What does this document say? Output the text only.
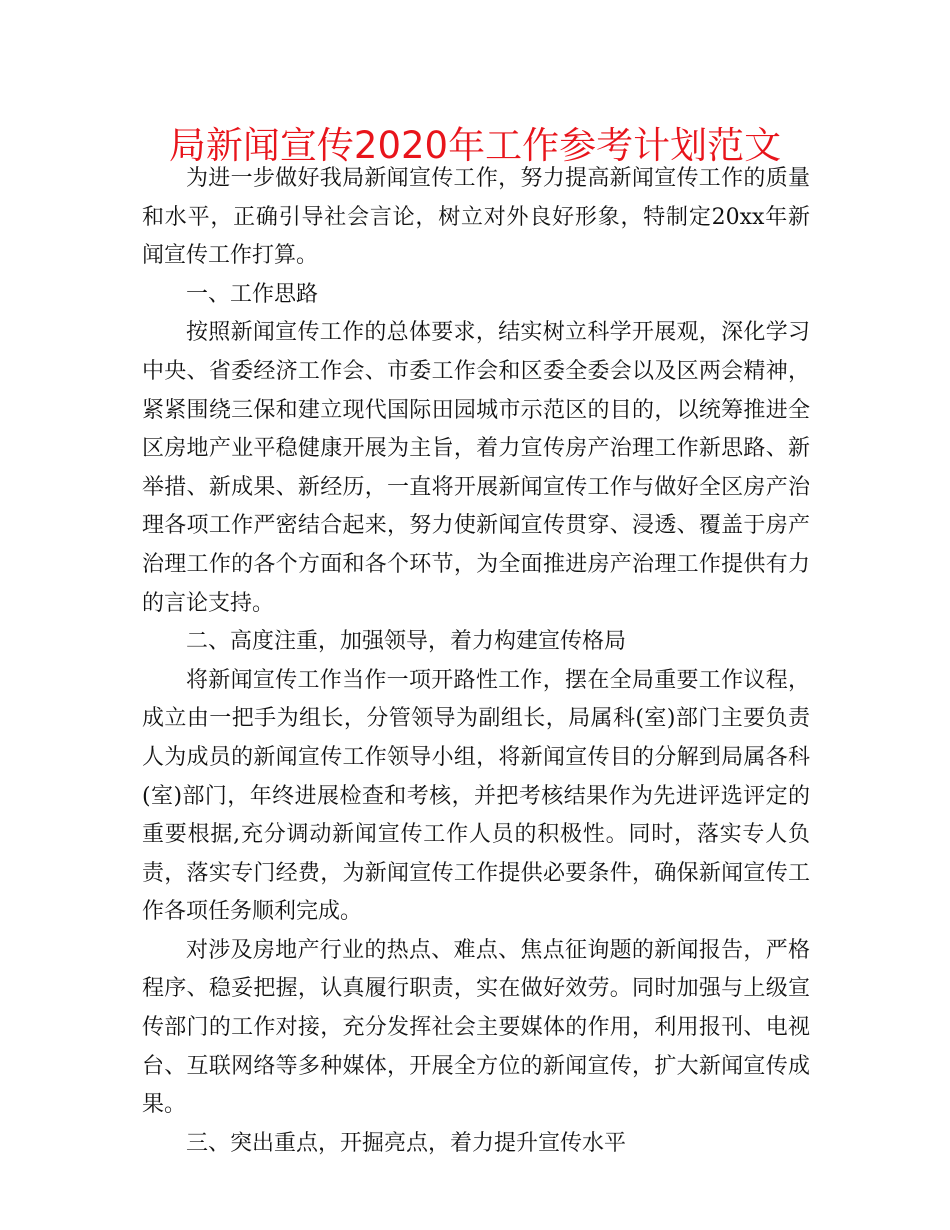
局新闻宣传2020年工作参考计划范文

为进一步做好我局新闻宣传工作，努力提高新闻宣传工作的质量和水平，正确引导社会言论，树立对外良好形象，特制定20xx年新闻宣传工作打算。

一、工作思路

按照新闻宣传工作的总体要求，结实树立科学开展观，深化学习中央、省委经济工作会、市委工作会和区委全委会以及区两会精神，紧紧围绕三保和建立现代国际田园城市示范区的目的，以统筹推进全区房地产业平稳健康开展为主旨，着力宣传房产治理工作新思路、新举措、新成果、新经历，一直将开展新闻宣传工作与做好全区房产治理各项工作严密结合起来，努力使新闻宣传贯穿、浸透、覆盖于房产治理工作的各个方面和各个环节，为全面推进房产治理工作提供有力的言论支持。

二、高度注重，加强领导，着力构建宣传格局

将新闻宣传工作当作一项开路性工作，摆在全局重要工作议程，成立由一把手为组长，分管领导为副组长，局属科(室)部门主要负责人为成员的新闻宣传工作领导小组，将新闻宣传目的分解到局属各科(室)部门，年终进展检查和考核，并把考核结果作为先进评选评定的重要根据,充分调动新闻宣传工作人员的积极性。同时，落实专人负责，落实专门经费，为新闻宣传工作提供必要条件，确保新闻宣传工作各项任务顺利完成。

对涉及房地产行业的热点、难点、焦点征询题的新闻报告，严格程序、稳妥把握，认真履行职责，实在做好效劳。同时加强与上级宣传部门的工作对接，充分发挥社会主要媒体的作用，利用报刊、电视台、互联网络等多种媒体，开展全方位的新闻宣传，扩大新闻宣传成果。

三、突出重点，开掘亮点，着力提升宣传水平
